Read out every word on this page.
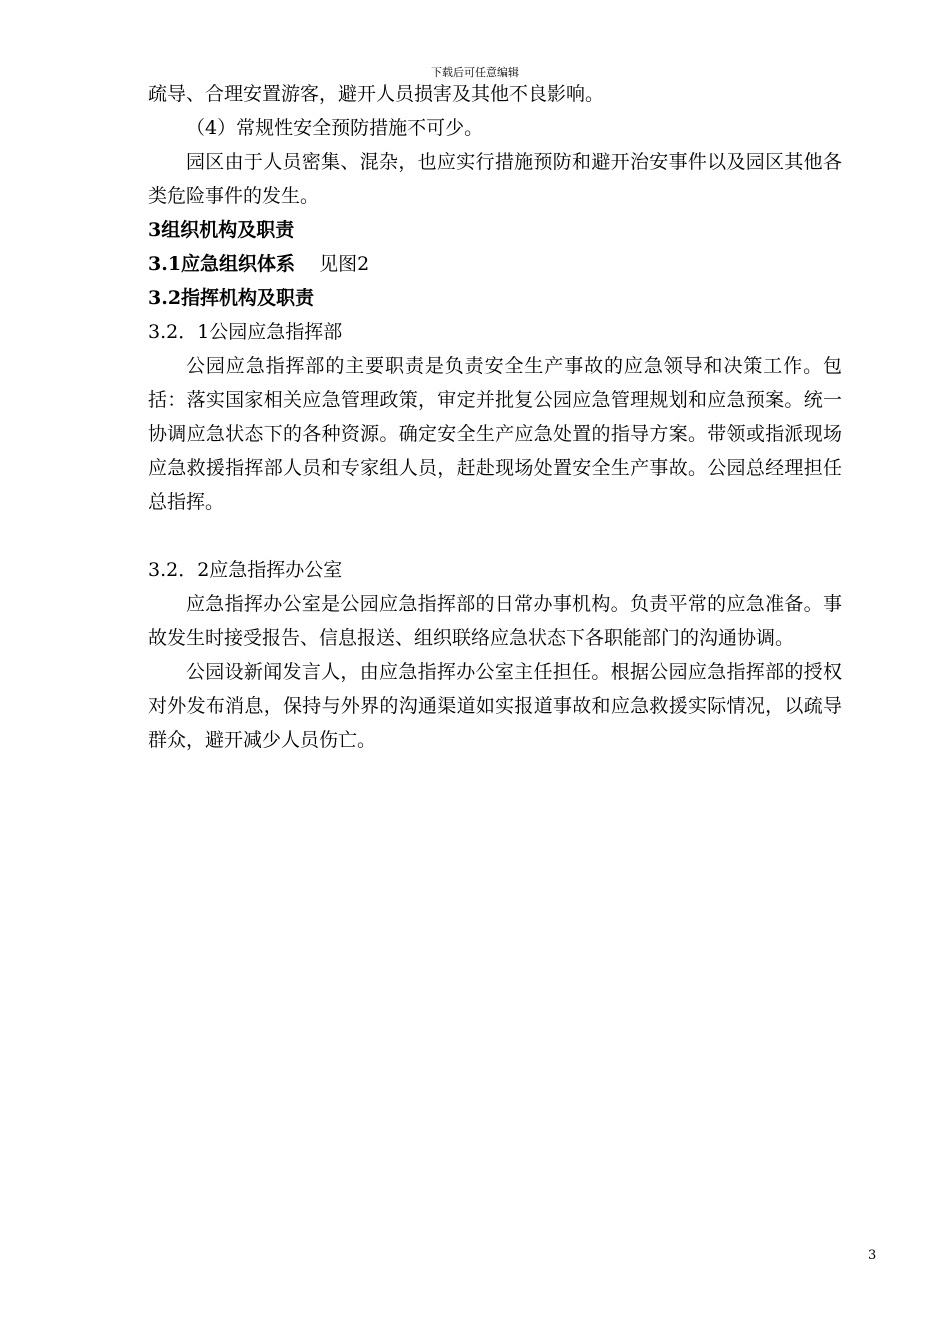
下载后可任意编辑

疏导、合理安置游客，避开人员损害及其他不良影响。

（4）常规性安全预防措施不可少。

园区由于人员密集、混杂，也应实行措施预防和避开治安事件以及园区其他各类危险事件的发生。

3组织机构及职责

3.1应急组织体系 见图2

3.2指挥机构及职责

3.2．1公园应急指挥部

公园应急指挥部的主要职责是负责安全生产事故的应急领导和决策工作。包括：落实国家相关应急管理政策，审定并批复公园应急管理规划和应急预案。统一协调应急状态下的各种资源。确定安全生产应急处置的指导方案。带领或指派现场应急救援指挥部人员和专家组人员，赶赴现场处置安全生产事故。公园总经理担任总指挥。

3.2．2应急指挥办公室

应急指挥办公室是公园应急指挥部的日常办事机构。负责平常的应急准备。事故发生时接受报告、信息报送、组织联络应急状态下各职能部门的沟通协调。

公园设新闻发言人，由应急指挥办公室主任担任。根据公园应急指挥部的授权对外发布消息，保持与外界的沟通渠道如实报道事故和应急救援实际情况，以疏导群众，避开减少人员伤亡。

3
